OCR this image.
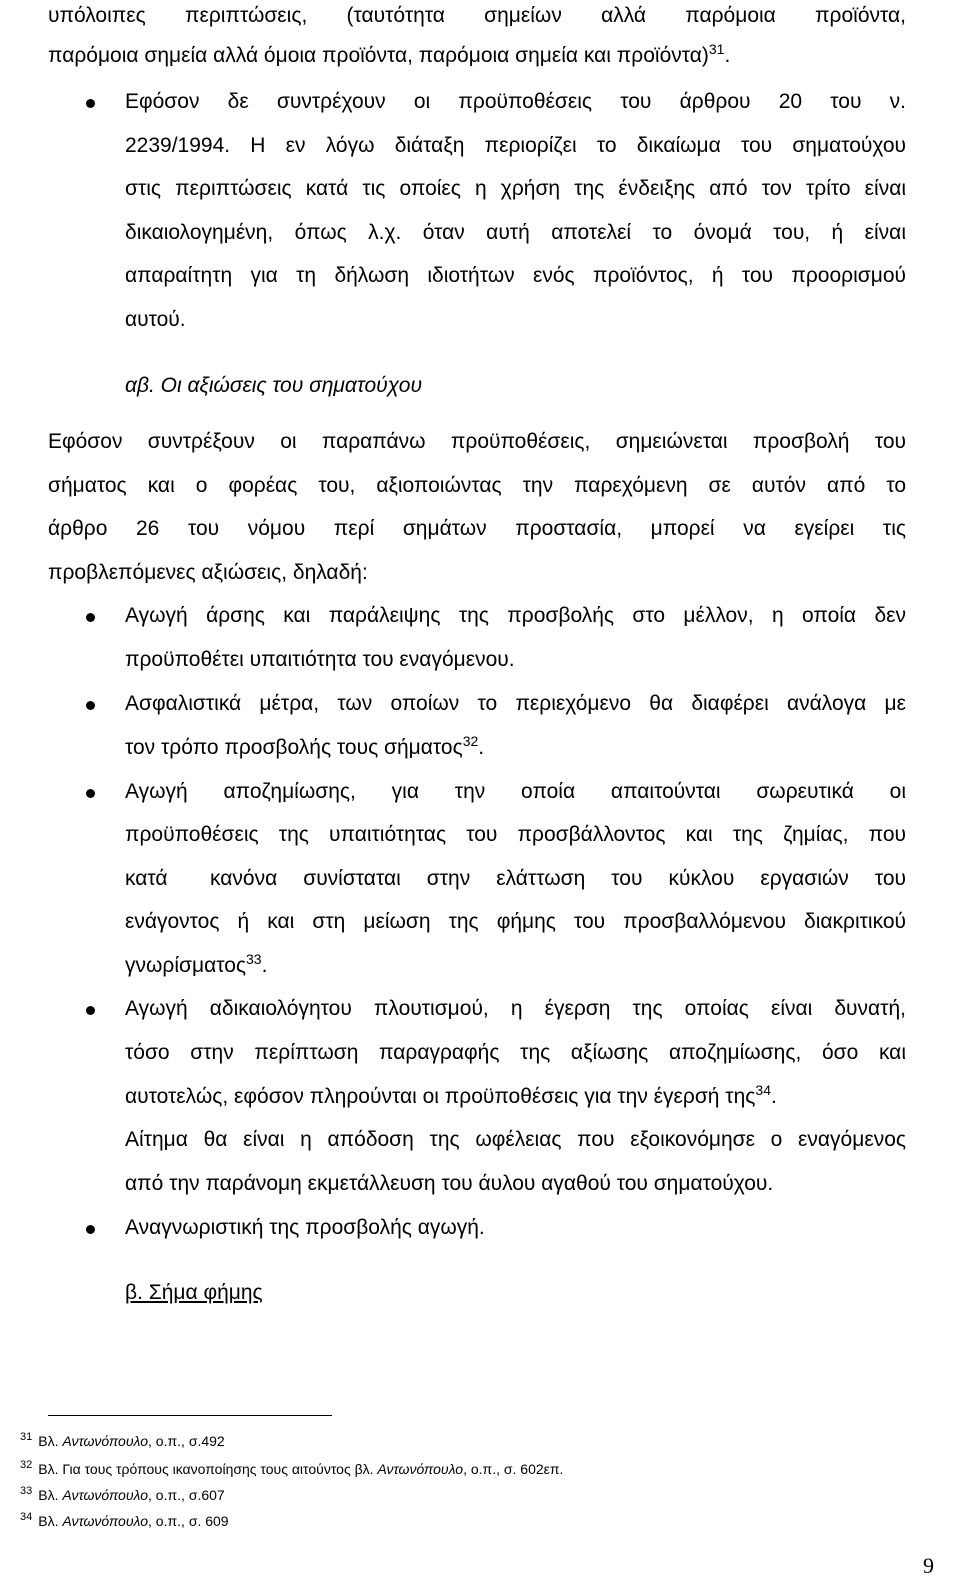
υπόλοιπες περιπτώσεις, (ταυτότητα σημείων αλλά παρόμοια προϊόντα,
παρόμοια σημεία αλλά όμοια προϊόντα, παρόμοια σημεία και προϊόντα)$^{31}$.
Εφόσον δε συντρέχουν οι προϋποθέσεις του άρθρου 20 του ν.
2239/1994. Η εν λόγω διάταξη περιορίζει το δικαίωμα του σηματούχου
στις περιπτώσεις κατά τις οποίες η χρήση της ένδειξης από τον τρίτο είναι
δικαιολογημένη, όπως λ.χ. όταν αυτή αποτελεί το όνομά του, ή είναι
απαραίτητη για τη δήλωση ιδιοτήτων ενός προϊόντος, ή του προορισμού
αυτού.
αβ. Οι αξιώσεις του σηματούχου
Εφόσον συντρέξουν οι παραπάνω προϋποθέσεις, σημειώνεται προσβολή του
σήματος και ο φορέας του, αξιοποιώντας την παρεχόμενη σε αυτόν από το
άρθρο 26 του νόμου περί σημάτων προστασία, μπορεί να εγείρει τις
προβλεπόμενες αξιώσεις, δηλαδή:
Αγωγή άρσης και παράλειψης της προσβολής στο μέλλον, η οποία δεν
προϋποθέτει υπαιτιότητα του εναγόμενου.
Ασφαλιστικά μέτρα, των οποίων το περιεχόμενο θα διαφέρει ανάλογα με
τον τρόπο προσβολής τους σήματος$^{32}$.
Αγωγή αποζημίωσης, για την οποία απαιτούνται σωρευτικά οι
προϋποθέσεις της υπαιτιότητας του προσβάλλοντος και της ζημίας, που
κατά κανόνα συνίσταται στην ελάττωση του κύκλου εργασιών του
ενάγοντος ή και στη μείωση της φήμης του προσβαλλόμενου διακριτικού
γνωρίσματος$^{33}$.
Αγωγή αδικαιολόγητου πλουτισμού, η έγερση της οποίας είναι δυνατή,
τόσο στην περίπτωση παραγραφής της αξίωσης αποζημίωσης, όσο και
αυτοτελώς, εφόσον πληρούνται οι προϋποθέσεις για την έγερσή της$^{34}$.
Αίτημα θα είναι η απόδοση της ωφέλειας που εξοικονόμησε ο εναγόμενος
από την παράνομη εκμετάλλευση του άυλου αγαθού του σηματούχου.
Αναγνωριστική της προσβολής αγωγή.
β. Σήμα φήμης
$^{31}$ Βλ. Αντωνόπουλο, ο.π., σ.492
$^{32}$ Βλ. Για τους τρόπους ικανοποίησης τους αιτούντος βλ. Αντωνόπουλο, ο.π., σ. 602επ.
$^{33}$ Βλ. Αντωνόπουλο, ο.π., σ.607
$^{34}$ Βλ. Αντωνόπουλο, ο.π., σ. 609
9
